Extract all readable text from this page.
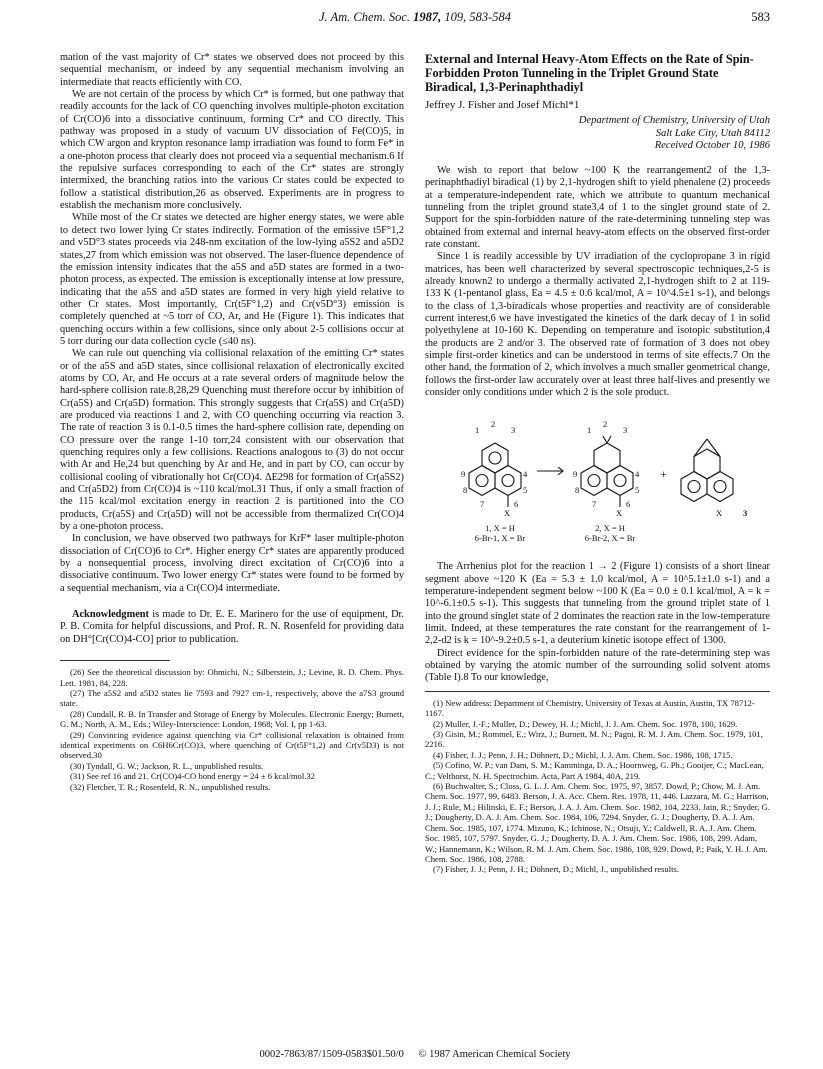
J. Am. Chem. Soc. 1987, 109, 583-584	583

mation of the vast majority of Cr* states we observed does not proceed by this sequential mechanism, or indeed by any sequential mechanism involving an intermediate that reacts efficiently with CO.

We are not certain of the process by which Cr* is formed, but one pathway that readily accounts for the lack of CO quenching involves multiple-photon excitation of Cr(CO)6 into a dissociative continuum, forming Cr* and CO directly. This pathway was proposed in a study of vacuum UV dissociation of Fe(CO)5, in which CW argon and krypton resonance lamp irradiation was found to form Fe* in a one-photon process that clearly does not proceed via a sequential mechanism.6 If the repulsive surfaces corresponding to each of the Cr* states are strongly intermixed, the branching ratios into the various Cr states could be expected to follow a statistical distribution,26 as observed. Experiments are in progress to establish the mechanism more conclusively.

While most of the Cr states we detected are higher energy states, we were able to detect two lower lying Cr states indirectly. Formation of the emissive t5F°1,2 and v5D°3 states proceeds via 248-nm excitation of the low-lying a5S2 and a5D2 states,27 from which emission was not observed. The laser-fluence dependence of the emission intensity indicates that the a5S and a5D states are formed in a two-photon process, as expected. The emission is exceptionally intense at low pressure, indicating that the a5S and a5D states are formed in very high yield relative to other Cr states. Most importantly, Cr(t5F°1,2) and Cr(v5D°3) emission is completely quenched at ~5 torr of CO, Ar, and He (Figure 1). This indicates that quenching occurs within a few collisions, since only about 2-5 collisions occur at 5 torr during our data collection cycle (≤40 ns).

We can rule out quenching via collisional relaxation of the emitting Cr* states or of the a5S and a5D states, since collisional relaxation of electronically excited atoms by CO, Ar, and He occurs at a rate several orders of magnitude below the hard-sphere collision rate.8,28,29 Quenching must therefore occur by inhibition of Cr(a5S) and Cr(a5D) formation. This strongly suggests that Cr(a5S) and Cr(a5D) are produced via reactions 1 and 2, with CO quenching occurring via reaction 3. The rate of reaction 3 is 0.1-0.5 times the hard-sphere collision rate, depending on CO pressure over the range 1-10 torr,24 consistent with our observation that quenching requires only a few collisions. Reactions analogous to (3) do not occur with Ar and He,24 but quenching by Ar and He, and in part by CO, can occur by collisional cooling of vibrationally hot Cr(CO)4. ΔE298 for formation of Cr(a5S2) and Cr(a5D2) from Cr(CO)4 is ~110 kcal/mol.31 Thus, if only a small fraction of the 115 kcal/mol excitation energy in reaction 2 is partitioned into the CO products, Cr(a5S) and Cr(a5D) will not be accessible from thermalized Cr(CO)4 by a one-photon process.

In conclusion, we have observed two pathways for KrF* laser multiple-photon dissociation of Cr(CO)6 to Cr*. Higher energy Cr* states are apparently produced by a nonsequential process, involving direct excitation of Cr(CO)6 into a dissociative continuum. Two lower energy Cr* states were found to be formed by a sequential mechanism, via a Cr(CO)4 intermediate.

Acknowledgment is made to Dr. E. E. Marinero for the use of equipment, Dr. P. B. Comita for helpful discussions, and Prof. R. N. Rosenfeld for providing data on DH°[Cr(CO)4-CO] prior to publication.

(26) See the theoretical discussion by: Ohmichi, N.; Silberstein, J.; Levine, R. D. Chem. Phys. Lett. 1981, 84, 228.

(27) The a5S2 and a5D2 states lie 7593 and 7927 cm-1, respectively, above the a7S3 ground state.

(28) Cundall, R. B. In Transfer and Storage of Energy by Molecules. Electronic Energy; Burnett, G. M.; North, A. M., Eds.; Wiley-Interscience: London, 1968; Vol. I, pp 1-63.

(29) Convincing evidence against quenching via Cr* collisional relaxation is obtained from identical experiments on C6H6Cr(CO)3, where quenching of Cr(t5F°1,2) and Cr(v5D3) is not observed.30

(30) Tyndall, G. W.; Jackson, R. L., unpublished results.

(31) See ref 16 and 21. Cr(CO)4-CO bond energy = 24 ± 6 kcal/mol.32

(32) Fletcher, T. R.; Rosenfeld, R. N., unpublished results.

External and Internal Heavy-Atom Effects on the Rate of Spin-Forbidden Proton Tunneling in the Triplet Ground State Biradical, 1,3-Perinaphthadiyl
Jeffrey J. Fisher and Josef Michl*1
Department of Chemistry, University of Utah
Salt Lake City, Utah 84112
Received October 10, 1986

We wish to report that below ~100 K the rearrangement2 of the 1,3-perinaphthadiyl biradical (1) by 2,1-hydrogen shift to yield phenalene (2) proceeds at a temperature-independent rate, which we attribute to quantum mechanical tunneling from the triplet ground state3,4 of 1 to the singlet ground state of 2. Support for the spin-forbidden nature of the rate-determining tunneling step was obtained from external and internal heavy-atom effects on the observed first-order rate constant.

Since 1 is readily accessible by UV irradiation of the cyclopropane 3 in rigid matrices, has been well characterized by several spectroscopic techniques,2-5 is already known2 to undergo a thermally activated 2,1-hydrogen shift to 2 at 119-133 K (1-pentanol glass, Ea = 4.5 ± 0.6 kcal/mol, A = 10^4.5±1 s-1), and belongs to the class of 1,3-biradicals whose properties and reactivity are of considerable current interest,6 we have investigated the kinetics of the dark decay of 1 in solid polyethylene at 10-160 K. Depending on temperature and isotopic substitution,4 the products are 2 and/or 3. The observed rate of formation of 3 does not obey simple first-order kinetics and can be understood in terms of site effects.7 On the other hand, the formation of 2, which involves a much smaller geometrical change, follows the first-order law accurately over at least three half-lives and presently we consider only conditions under which 2 is the sole product.

2
1	3
4
9
8
7	6
5
X
2
1	3
4
9
8
7	6
5
X
+
X
1, X = H
6-Br-1, X = Br
2, X = H
6-Br-2, X = Br
3

The Arrhenius plot for the reaction 1 → 2 (Figure 1) consists of a short linear segment above ~120 K (Ea = 5.3 ± 1.0 kcal/mol, A = 10^5.1±1.0 s-1) and a temperature-independent segment below ~100 K (Ea = 0.0 ± 0.1 kcal/mol, A = k = 10^-6.1±0.5 s-1). This suggests that tunneling from the ground triplet state of 1 into the ground singlet state of 2 dominates the reaction rate in the low-temperature limit. Indeed, at these temperatures the rate constant for the rearrangement of 1-2,2-d2 is k = 10^-9.2±0.5 s-1, a deuterium kinetic isotope effect of 1300.

Direct evidence for the spin-forbidden nature of the rate-determining step was obtained by varying the atomic number of the surrounding solid solvent atoms (Table I).8 To our knowledge,

(1) New address: Department of Chemistry, University of Texas at Austin, Austin, TX 78712-1167.

(2) Muller, J.-F.; Muller, D.; Dewey, H. J.; Michl, J. J. Am. Chem. Soc. 1978, 100, 1629.

(3) Gisin, M.; Rommel, E.; Wirz, J.; Burnett, M. N.; Pagni, R. M. J. Am. Chem. Soc. 1979, 101, 2216.

(4) Fisher, J. J.; Penn, J. H.; Döhnert, D.; Michl, J. J. Am. Chem. Soc. 1986, 108, 1715.

(5) Cofino, W. P.; van Dam, S. M.; Kamminga, D. A.; Hoornweg, G. Ph.; Gooijer, C.; MacLean, C.; Velthorst, N. H. Spectrochim. Acta, Part A 1984, 40A, 219.

(6) Buchwalter, S.; Closs, G. L. J. Am. Chem. Soc. 1975, 97, 3857. Dowd, P.; Chow, M. J. Am. Chem. Soc. 1977, 99, 6483. Berson, J. A. Acc. Chem. Res. 1978, 11, 446. Lazzara, M. G.; Harrison, J. J.; Rule, M.; Hilinski, E. F.; Berson, J. A. J. Am. Chem. Soc. 1982, 104, 2233. Jain, R.; Snyder, G. J.; Dougherty, D. A. J. Am. Chem. Soc. 1984, 106, 7294. Snyder, G. J.; Dougherty, D. A. J. Am. Chem. Soc. 1985, 107, 1774. Mizuno, K.; Ichinose, N.; Otsuji, Y.; Caldwell, R. A. J. Am. Chem. Soc. 1985, 107, 5797. Snyder, G. J.; Dougherty, D. A. J. Am. Chem. Soc. 1986, 108, 299. Adam, W.; Hannemann, K.; Wilson, R. M. J. Am. Chem. Soc. 1986, 108, 929. Dowd, P.; Paik, Y. H. J. Am. Chem. Soc. 1986, 108, 2788.

(7) Fisher, J. J.; Penn, J. H.; Döhnert, D.; Michl, J., unpublished results.

0002-7863/87/1509-0583$01.50/0 © 1987 American Chemical Society
